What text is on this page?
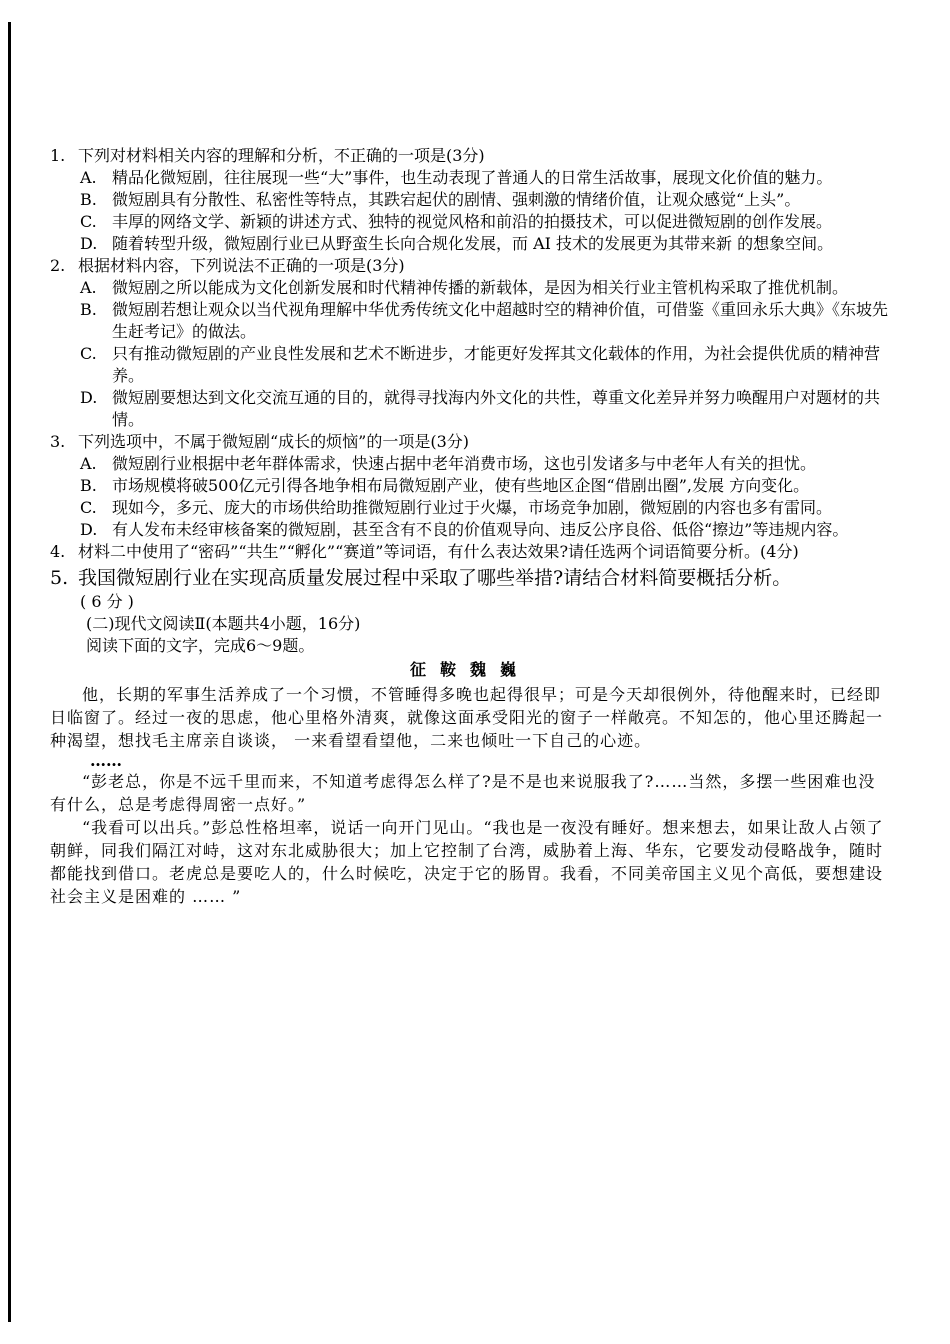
1. 下列对材料相关内容的理解和分析，不正确的一项是(3分)

A. 精品化微短剧，往往展现一些“大”事件，也生动表现了普通人的日常生活故事，展现文化价值的魅力。
B. 微短剧具有分散性、私密性等特点，其跌宕起伏的剧情、强刺激的情绪价值，让观众感觉“上头”。
C. 丰厚的网络文学、新颖的讲述方式、独特的视觉风格和前沿的拍摄技术，可以促进微短剧的创作发展。
D. 随着转型升级，微短剧行业已从野蛮生长向合规化发展，而 AI 技术的发展更为其带来新 的想象空间。

2. 根据材料内容，下列说法不正确的一项是(3分)

A. 微短剧之所以能成为文化创新发展和时代精神传播的新载体，是因为相关行业主管机构采取了推优机制。
B. 微短剧若想让观众以当代视角理解中华优秀传统文化中超越时空的精神价值，可借鉴《重回永乐大典》《东坡先生赶考记》的做法。
C. 只有推动微短剧的产业良性发展和艺术不断进步，才能更好发挥其文化载体的作用，为社会提供优质的精神营养。
D. 微短剧要想达到文化交流互通的目的，就得寻找海内外文化的共性，尊重文化差异并努力唤醒用户对题材的共情。

3. 下列选项中，不属于微短剧“成长的烦恼”的一项是(3分)

A. 微短剧行业根据中老年群体需求，快速占据中老年消费市场，这也引发诸多与中老年人有关的担忧。
B. 市场规模将破500亿元引得各地争相布局微短剧产业，使有些地区企图“借剧出圈”,发展 方向变化。
C. 现如今，多元、庞大的市场供给助推微短剧行业过于火爆，市场竞争加剧，微短剧的内容也多有雷同。
D. 有人发布未经审核备案的微短剧，甚至含有不良的价值观导向、违反公序良俗、低俗“擦边”等违规内容。
4. 材料二中使用了“密码”“共生”“孵化”“赛道”等词语，有什么表达效果?请任选两个词语简要分析。(4分)

5. 我国微短剧行业在实现高质量发展过程中采取了哪些举措?请结合材料简要概括分析。

( 6 分 )

(二)现代文阅读Ⅱ(本题共4小题，16分)

阅读下面的文字，完成6～9题。

征鞍魏巍

他，长期的军事生活养成了一个习惯，不管睡得多晚也起得很早；可是今天却很例外，待他醒来时，已经即日临窗了。经过一夜的思虑，他心里格外清爽，就像这面承受阳光的窗子一样敞亮。不知怎的，他心里还腾起一种渴望，想找毛主席亲自谈谈， 一来看望看望他，二来也倾吐一下自己的心迹。

……

“彭老总，你是不远千里而来，不知道考虑得怎么样了?是不是也来说服我了?……当然，多摆一些困难也没有什么，总是考虑得周密一点好。”

“我看可以出兵。”彭总性格坦率，说话一向开门见山。“我也是一夜没有睡好。想来想去，如果让敌人占领了朝鲜，同我们隔江对峙，这对东北威胁很大；加上它控制了台湾，威胁着上海、华东，它要发动侵略战争，随时都能找到借口。老虎总是要吃人的，什么时候吃，决定于它的肠胃。我看，不同美帝国主义见个高低，要想建设社会主义是困难的 …… ”
